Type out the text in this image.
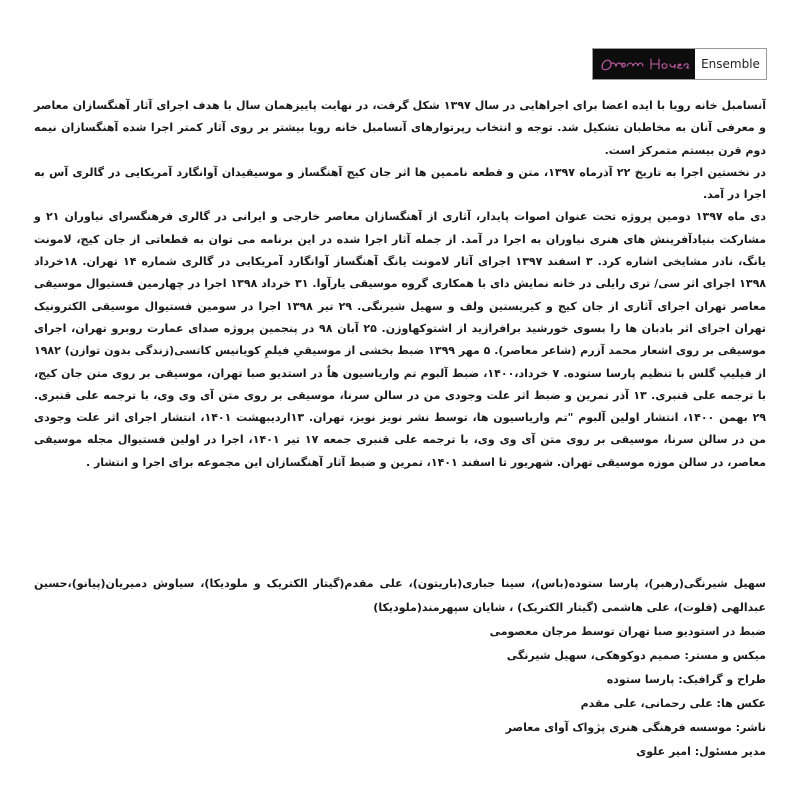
Ensemble

آنسامبل خانه رویا با ایده اعضا برای اجراهایی در سال ۱۳۹۷ شکل گرفت، در نهایت پاییزهمان سال با هدف اجرای آثار آهنگسازان معاصر و معرفی آنان به مخاطبان تشکیل شد. توجه و انتخاب رپرتوارهای آنسامبل خانه رویا بیشتر بر روی آثار کمتر اجرا شده آهنگسازان نیمه دوم قرن بیستم متمرکز است.

در نخستین اجرا به تاریخ ۲۲ آذرماه ۱۳۹۷، متن و قطعه ناممین ها اثر جان کیج آهنگساز و موسیقیدان آوانگارد آمریکایی در گالری آس به اجرا در آمد.

دی ماه ۱۳۹۷ دومین پروژه تحت عنوان اصوات پایدار، آثاری از آهنگسازان معاصر خارجی و ایرانی در گالری فرهنگسرای نیاوران ۲۱ و مشارکت بنیادآفرینش های هنری نیاوران به اجرا در آمد. از جمله آثار اجرا شده در این برنامه می توان به قطعاتی از جان کیج، لامونت یانگ، نادر مشایخی اشاره کرد. ۳ اسفند ۱۳۹۷ اجرای آثار لامونت یانگ آهنگساز آوانگارد آمریکایی در گالری شماره ۱۴ تهران. ۱۸خرداد ۱۳۹۸ اجرای اثر سی/ تری رایلی در خانه نمایش دای با همکاری گروه موسیقی یارآوا. ۳۱ خرداد ۱۳۹۸ اجرا در چهارمین فستیوال موسیقی معاصر تهران اجرای آثاری از جان کیج و کیریستین ولف و سهیل شیرنگی. ۲۹ تیر ۱۳۹۸ اجرا در سومین فستیوال موسیقی الکترونیک تهران اجرای اثر بادبان ها را بسوی خورشید برافرازید از اشتوکهاوزن. ۲۵ آبان ۹۸ در پنجمین پروژه صدای عمارت روبرو تهران، اجرای موسیقی بر روی اشعار محمد آزرم (شاعر معاصر). ۵ مهر ۱۳۹۹ ضبط بخشی از موسیقیِ فیلمِ کویانیس کاتسی(زندگی بدون توازن) ۱۹۸۲ از فیلیپ گلس با تنظیم پارسا ستوده. ۷ خرداد،۱۴۰۰، ضبط آلبوم تم واریاسیون هاٌ در استدیو صبا تهران، موسیقی بر روی متن جان کیج، با ترجمه علی قنبری. ۱۳ آذر تمرین و ضبط اثر علت وجودی من در سالن سرنا، موسیقی بر روی متن آی وی وی، با ترجمه علی قنبری. ۲۹ بهمن ۱۴۰۰، انتشار اولین آلبوم "تم واریاسیون ها، توسط نشر نویز نویز، تهران. ۱۳اردیبهشت ۱۴۰۱، انتشار اجرای اثر علت وجودی من در سالن سرنا، موسیقی بر روی متن آی وی وی، با ترجمه علی قنبری جمعه ۱۷ تیر ۱۴۰۱، اجرا در اولین فستیوال مجله موسیقی معاصر، در سالن موزه موسیقی تهران. شهریور تا اسفند ۱۴۰۱، تمرین و ضبط آثار آهنگسازان این مجموعه برای اجرا و انتشار .

سهیل شیرنگی(رهبر)، پارسا ستوده(باس)، سینا جباری(باریتون)، علی مقدم(گیتار الکتریک و ملودیکا)، سیاوش دمیریان(پیانو)،حسین عبدالهی (فلوت)، علی هاشمی (گیتار الکتریک) ، شایان سپهرمند(ملودیکا)

ضبط در استودیو صبا تهران توسط مرجان معصومی

میکس و مستر: صمیم دوکوهکی، سهیل شیرنگی

طراح و گرافیک: پارسا ستوده

عکس ها: علی رحمانی، علی مقدم

ناشر: موسسه فرهنگی هنری پژواک آوای معاصر

مدیر مسئول: امیر علوی
